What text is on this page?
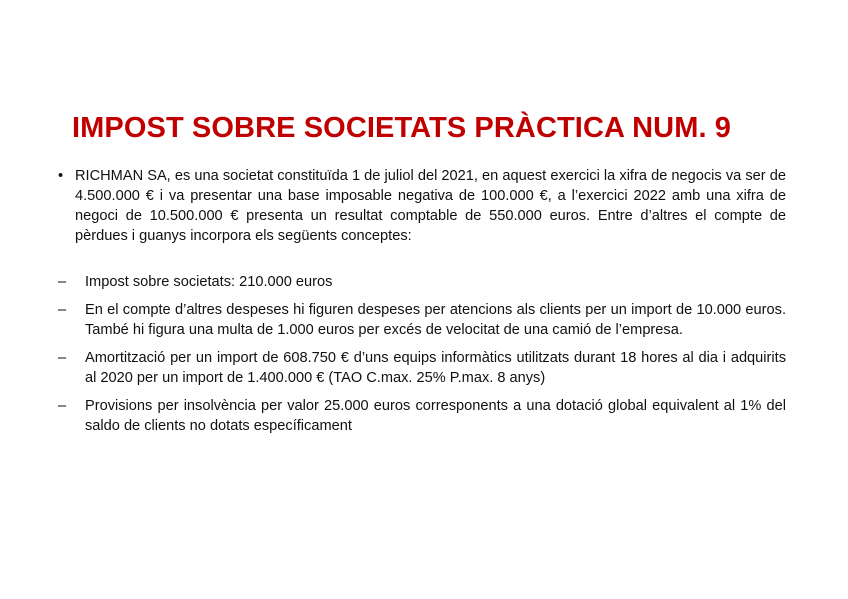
IMPOST SOBRE SOCIETATS PRÀCTICA NUM. 9
• RICHMAN SA, es una societat constituïda 1 de juliol del 2021, en aquest exercici la xifra de negocis va ser de 4.500.000 € i va presentar una base imposable negativa de 100.000 €, a l’exercici 2022 amb una xifra de negoci de 10.500.000 € presenta un resultat comptable de 550.000 euros. Entre d’altres el compte de pèrdues i guanys incorpora els següents conceptes:
–	Impost sobre societats: 210.000 euros
–	En el compte d’altres despeses hi figuren despeses per atencions als clients per un import de 10.000 euros. També hi figura una multa de 1.000 euros per excés de velocitat de una camió de l’empresa.
–	Amortització per un import de 608.750 € d’uns equips informàtics utilitzats durant 18 hores al dia i adquirits al 2020 per un import de 1.400.000 € (TAO C.max. 25% P.max. 8 anys)
–	Provisions per insolvència per valor 25.000 euros corresponents a una dotació global equivalent al 1% del saldo de clients no dotats específicament
